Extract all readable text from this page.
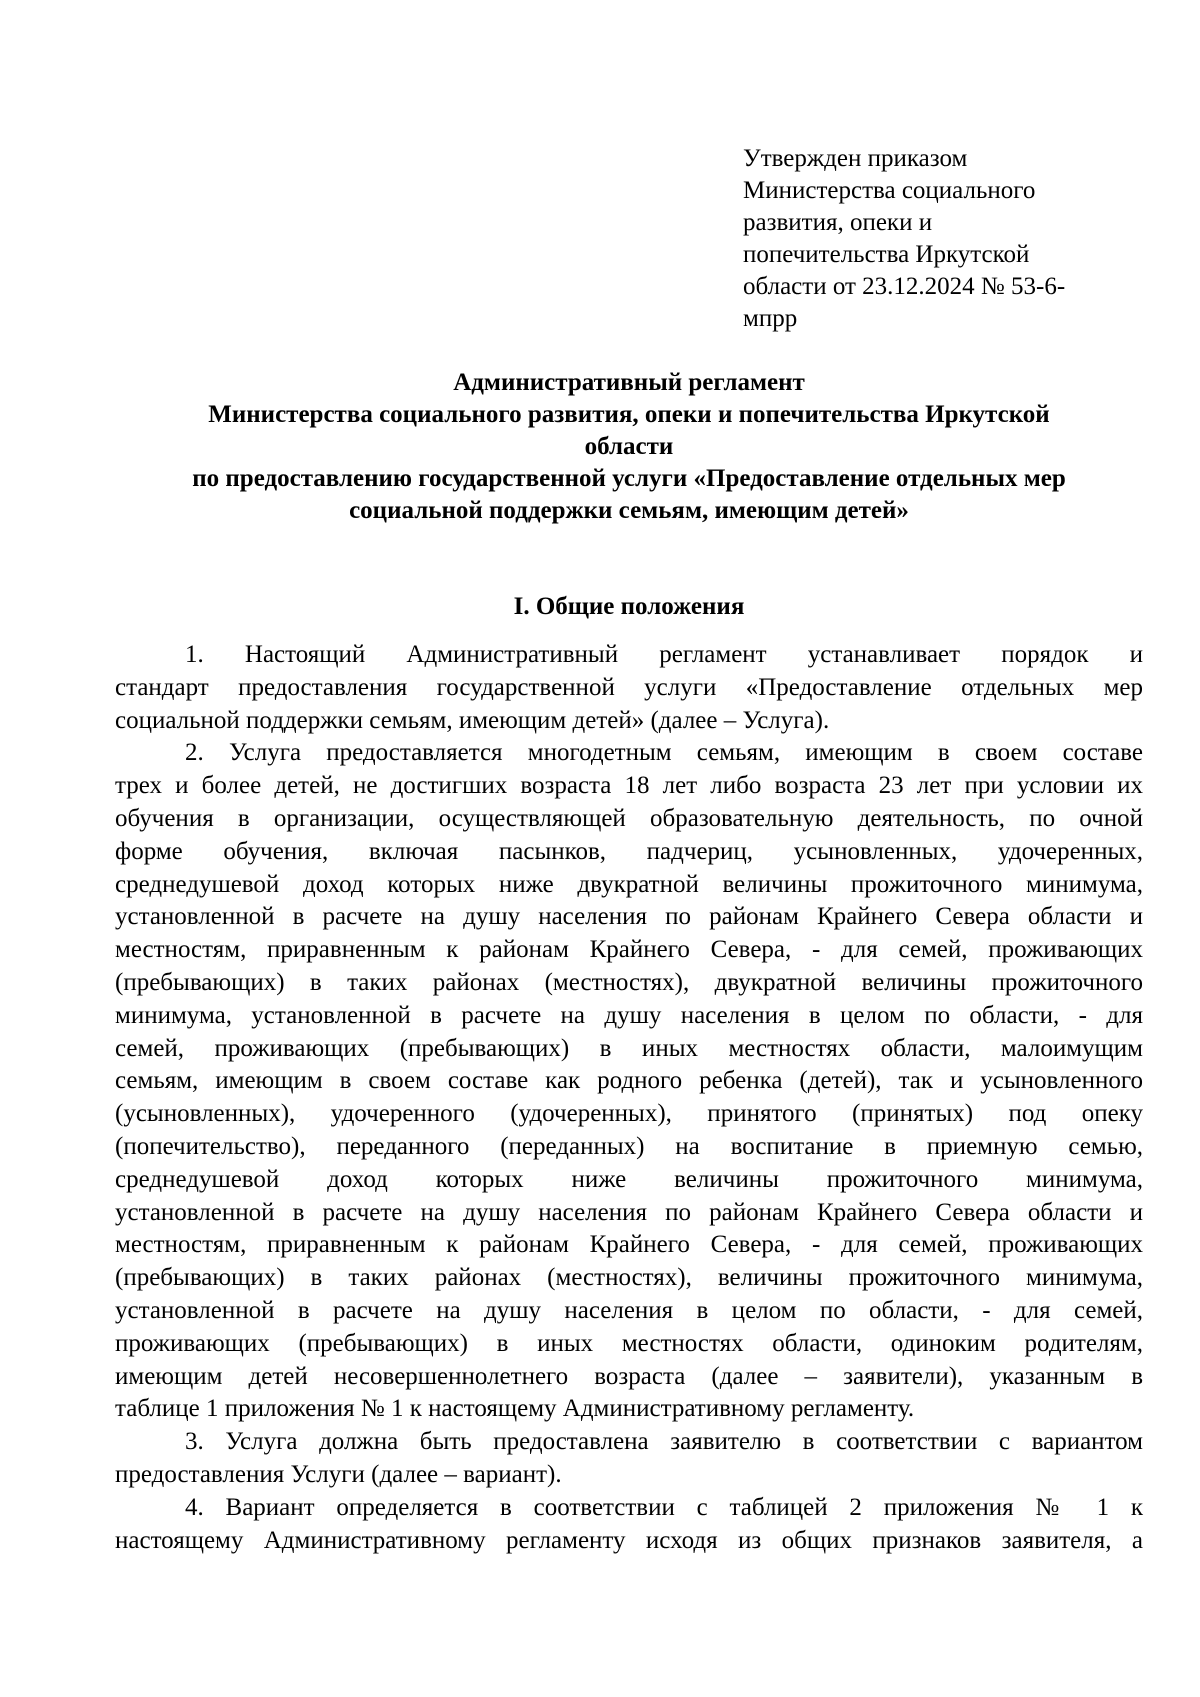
Утвержден приказом
Министерства социального
развития, опеки и
попечительства Иркутской
области от 23.12.2024 № 53-6-
мпрр
Административный регламент
Министерства социального развития, опеки и попечительства Иркутской
области
по предоставлению государственной услуги «Предоставление отдельных мер
социальной поддержки семьям, имеющим детей»
I. Общие положения
1. Настоящий Административный регламент устанавливает порядок и
стандарт предоставления государственной услуги «Предоставление отдельных мер
социальной поддержки семьям, имеющим детей» (далее – Услуга).
2. Услуга предоставляется многодетным семьям, имеющим в своем составе
трех и более детей, не достигших возраста 18 лет либо возраста 23 лет при условии их
обучения в организации, осуществляющей образовательную деятельность, по очной
форме обучения, включая пасынков, падчериц, усыновленных, удочеренных,
среднедушевой доход которых ниже двукратной величины прожиточного минимума,
установленной в расчете на душу населения по районам Крайнего Севера области и
местностям, приравненным к районам Крайнего Севера, - для семей, проживающих
(пребывающих) в таких районах (местностях), двукратной величины прожиточного
минимума, установленной в расчете на душу населения в целом по области, - для
семей, проживающих (пребывающих) в иных местностях области, малоимущим
семьям, имеющим в своем составе как родного ребенка (детей), так и усыновленного
(усыновленных), удочеренного (удочеренных), принятого (принятых) под опеку
(попечительство), переданного (переданных) на воспитание в приемную семью,
среднедушевой доход которых ниже величины прожиточного минимума,
установленной в расчете на душу населения по районам Крайнего Севера области и
местностям, приравненным к районам Крайнего Севера, - для семей, проживающих
(пребывающих) в таких районах (местностях), величины прожиточного минимума,
установленной в расчете на душу населения в целом по области, - для семей,
проживающих (пребывающих) в иных местностях области, одиноким родителям,
имеющим детей несовершеннолетнего возраста (далее – заявители), указанным в
таблице 1 приложения № 1 к настоящему Административному регламенту.
3. Услуга должна быть предоставлена заявителю в соответствии с вариантом
предоставления Услуги (далее – вариант).
4. Вариант определяется в соответствии с таблицей 2 приложения № 1 к
настоящему Административному регламенту исходя из общих признаков заявителя, а
